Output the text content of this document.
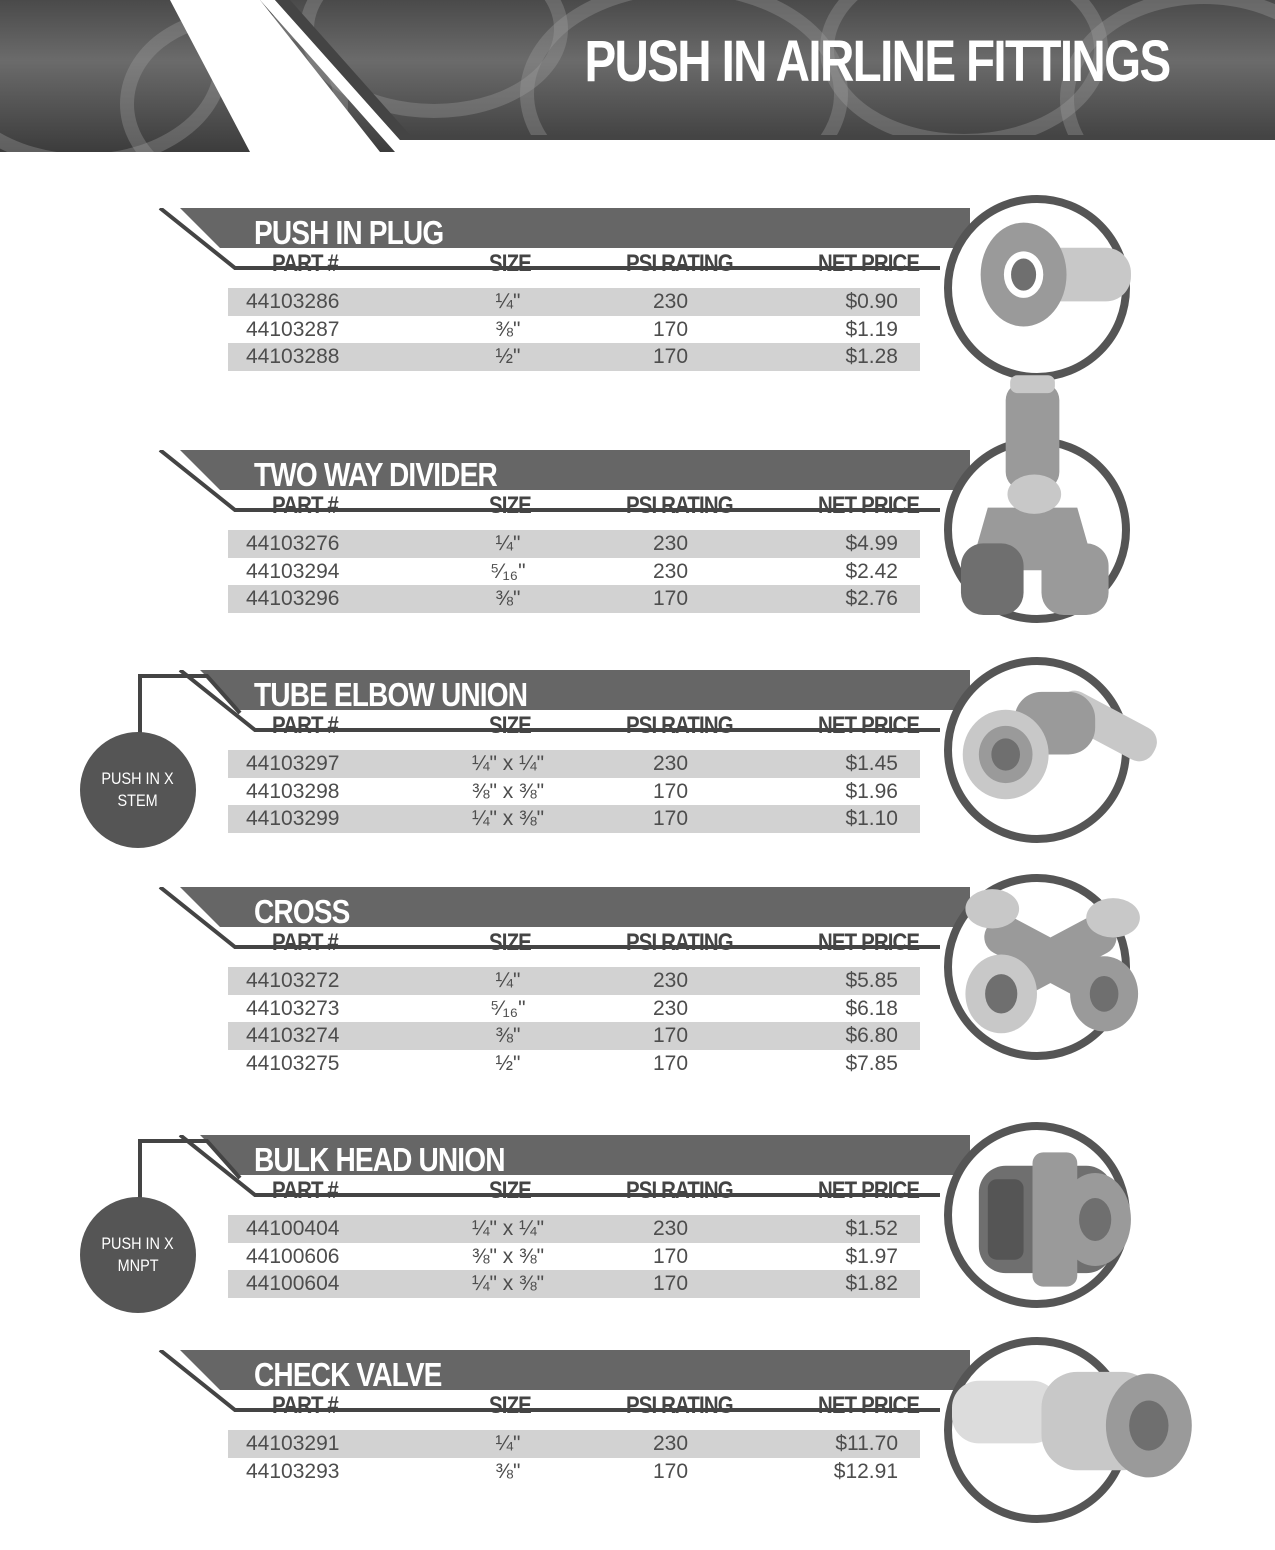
PUSH IN AIRLINE FITTINGS
PUSH IN PLUG
PART #	SIZE	PSI RATING	NET PRICE
44103286	¼"	230	$0.90
44103287	⅜"	170	$1.19
44103288	½"	170	$1.28
TWO WAY DIVIDER
PART #	SIZE	PSI RATING	NET PRICE
44103276	¼"	230	$4.99
44103294	⁵⁄₁₆"	230	$2.42
44103296	⅜"	170	$2.76
TUBE ELBOW UNION
PART #	SIZE	PSI RATING	NET PRICE
44103297	¼" x ¼"	230	$1.45
44103298	⅜" x ⅜"	170	$1.96
44103299	¼" x ⅜"	170	$1.10
PUSH IN X
STEM
CROSS
PART #	SIZE	PSI RATING	NET PRICE
44103272	¼"	230	$5.85
44103273	⁵⁄₁₆"	230	$6.18
44103274	⅜"	170	$6.80
44103275	½"	170	$7.85
BULK HEAD UNION
PART #	SIZE	PSI RATING	NET PRICE
44100404	¼" x ¼"	230	$1.52
44100606	⅜" x ⅜"	170	$1.97
44100604	¼" x ⅜"	170	$1.82
PUSH IN X
MNPT
CHECK VALVE
PART #	SIZE	PSI RATING	NET PRICE
44103291	¼"	230	$11.70
44103293	⅜"	170	$12.91
